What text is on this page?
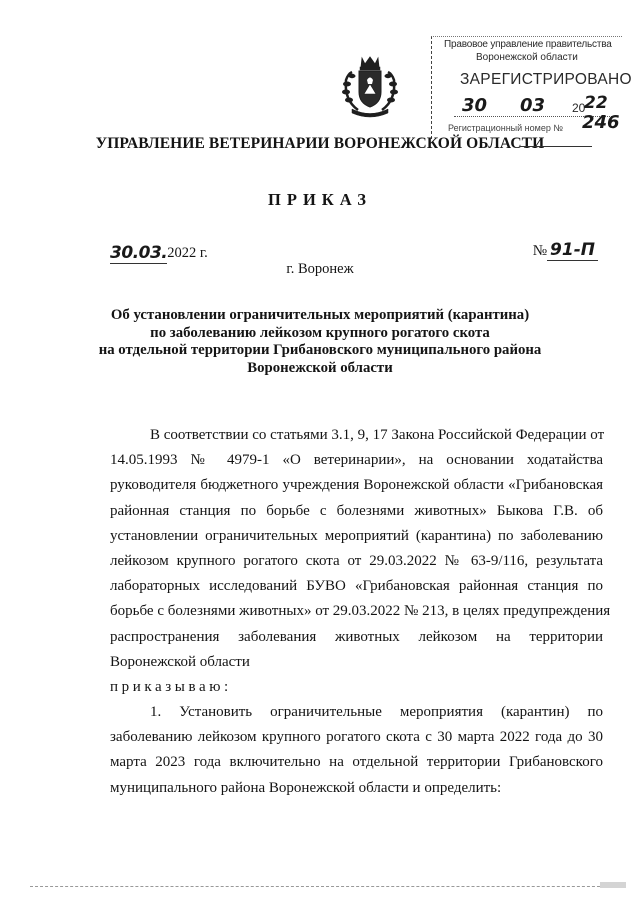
Правовое управление правительства
Воронежской области
ЗАРЕГИСТРИРОВАНО
30 03 20
22
Регистрационный номер № 246
УПРАВЛЕНИЕ ВЕТЕРИНАРИИ ВОРОНЕЖСКОЙ ОБЛАСТИ
ПРИКАЗ
30.03.2022 г.	№ 91-П
г. Воронеж
Об установлении ограничительных мероприятий (карантина)
по заболеванию лейкозом крупного рогатого скота
на отдельной территории Грибановского муниципального района
Воронежской области
В соответствии со статьями 3.1, 9, 17 Закона Российской Федерации от
14.05.1993 № 4979-1 «О ветеринарии», на основании ходатайства
руководителя бюджетного учреждения Воронежской области «Грибановская
районная станция по борьбе с болезнями животных» Быкова Г.В. об
установлении ограничительных мероприятий (карантина) по заболеванию
лейкозом крупного рогатого скота от 29.03.2022 № 63-9/116, результата
лабораторных исследований БУВО «Грибановская районная станция по
борьбе с болезнями животных» от 29.03.2022 № 213, в целях предупреждения
распространения заболевания животных лейкозом на территории
Воронежской области
приказываю:
1. Установить ограничительные мероприятия (карантин) по
заболеванию лейкозом крупного рогатого скота с 30 марта 2022 года до 30
марта 2023 года включительно на отдельной территории Грибановского
муниципального района Воронежской области и определить:
